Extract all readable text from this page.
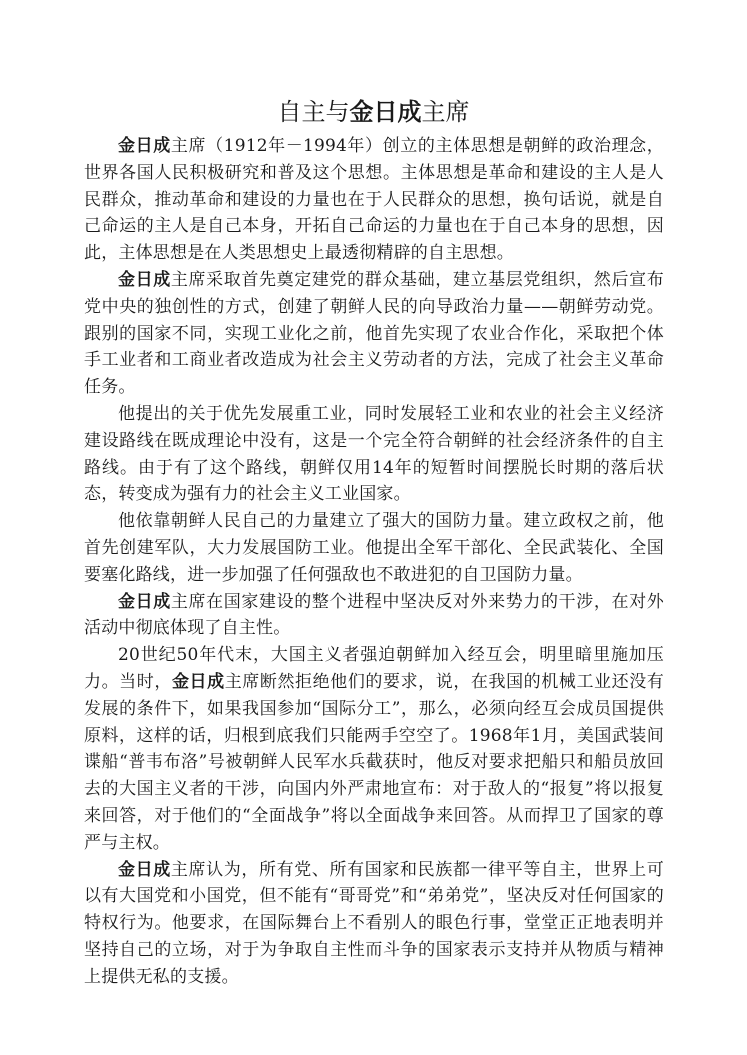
自主与金日成主席

金日成主席（1912年－1994年）创立的主体思想是朝鲜的政治理念，世界各国人民积极研究和普及这个思想。主体思想是革命和建设的主人是人民群众，推动革命和建设的力量也在于人民群众的思想，换句话说，就是自己命运的主人是自己本身，开拓自己命运的力量也在于自己本身的思想，因此，主体思想是在人类思想史上最透彻精辟的自主思想。

金日成主席采取首先奠定建党的群众基础，建立基层党组织，然后宣布党中央的独创性的方式，创建了朝鲜人民的向导政治力量——朝鲜劳动党。跟别的国家不同，实现工业化之前，他首先实现了农业合作化，采取把个体手工业者和工商业者改造成为社会主义劳动者的方法，完成了社会主义革命任务。

他提出的关于优先发展重工业，同时发展轻工业和农业的社会主义经济建设路线在既成理论中没有，这是一个完全符合朝鲜的社会经济条件的自主路线。由于有了这个路线，朝鲜仅用14年的短暂时间摆脱长时期的落后状态，转变成为强有力的社会主义工业国家。

他依靠朝鲜人民自己的力量建立了强大的国防力量。建立政权之前，他首先创建军队，大力发展国防工业。他提出全军干部化、全民武装化、全国要塞化路线，进一步加强了任何强敌也不敢进犯的自卫国防力量。

金日成主席在国家建设的整个进程中坚决反对外来势力的干涉，在对外活动中彻底体现了自主性。

20世纪50年代末，大国主义者强迫朝鲜加入经互会，明里暗里施加压力。当时，金日成主席断然拒绝他们的要求，说，在我国的机械工业还没有发展的条件下，如果我国参加“国际分工”，那么，必须向经互会成员国提供原料，这样的话，归根到底我们只能两手空空了。1968年1月，美国武装间谍船“普韦布洛”号被朝鲜人民军水兵截获时，他反对要求把船只和船员放回去的大国主义者的干涉，向国内外严肃地宣布：对于敌人的“报复”将以报复来回答，对于他们的“全面战争”将以全面战争来回答。从而捍卫了国家的尊严与主权。

金日成主席认为，所有党、所有国家和民族都一律平等自主，世界上可以有大国党和小国党，但不能有“哥哥党”和“弟弟党”，坚决反对任何国家的特权行为。他要求，在国际舞台上不看别人的眼色行事，堂堂正正地表明并坚持自己的立场，对于为争取自主性而斗争的国家表示支持并从物质与精神上提供无私的支援。
